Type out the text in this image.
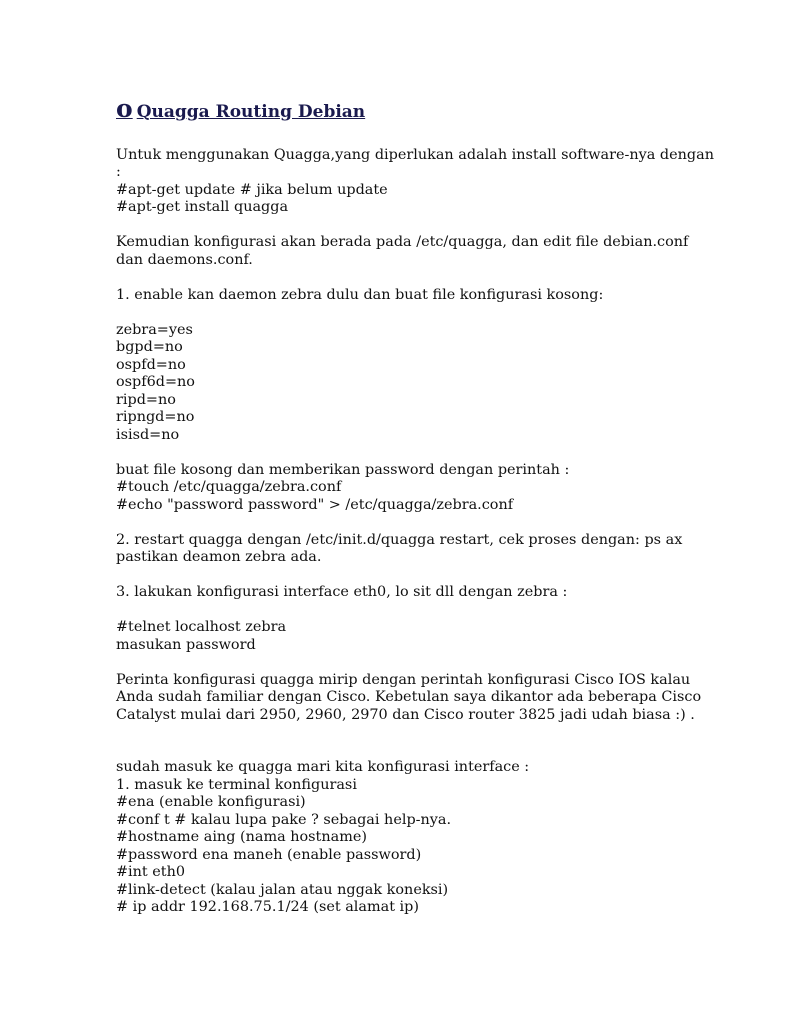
o Quagga Routing Debian
Untuk menggunakan Quagga,yang diperlukan adalah install software-nya dengan
:
#apt-get update # jika belum update
#apt-get install quagga
Kemudian konfigurasi akan berada pada /etc/quagga, dan edit file debian.conf
dan daemons.conf.
1. enable kan daemon zebra dulu dan buat file konfigurasi kosong:
zebra=yes
bgpd=no
ospfd=no
ospf6d=no
ripd=no
ripngd=no
isisd=no
buat file kosong dan memberikan password dengan perintah :
#touch /etc/quagga/zebra.conf
#echo "password password" > /etc/quagga/zebra.conf
2. restart quagga dengan /etc/init.d/quagga restart, cek proses dengan: ps ax
pastikan deamon zebra ada.
3. lakukan konfigurasi interface eth0, lo sit dll dengan zebra :
#telnet localhost zebra
masukan password
Perinta konfigurasi quagga mirip dengan perintah konfigurasi Cisco IOS kalau
Anda sudah familiar dengan Cisco. Kebetulan saya dikantor ada beberapa Cisco
Catalyst mulai dari 2950, 2960, 2970 dan Cisco router 3825 jadi udah biasa :) .
sudah masuk ke quagga mari kita konfigurasi interface :
1. masuk ke terminal konfigurasi
#ena (enable konfigurasi)
#conf t # kalau lupa pake ? sebagai help-nya.
#hostname aing (nama hostname)
#password ena maneh (enable password)
#int eth0
#link-detect (kalau jalan atau nggak koneksi)
# ip addr 192.168.75.1/24 (set alamat ip)
